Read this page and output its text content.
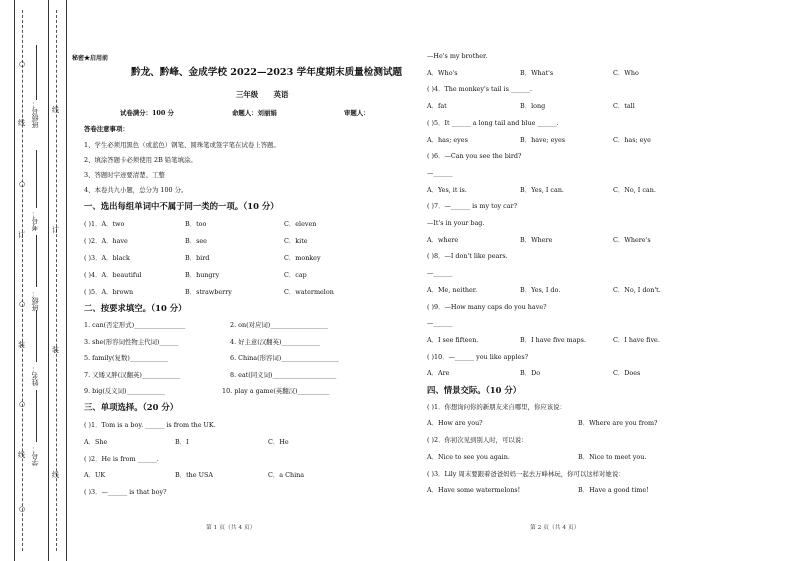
班级号：
考号：
班级：
姓名：
学号：
线
订
装
线
线
订
装
线
○
○
○
○
○
秘密★启用前
黔龙、黔峰、金成学校 2022—2023 学年度期末质量检测试题
三年级      英语
试卷满分：100 分	命题人：刘丽娟	审题人：
答卷注意事项：
1、学生必须用黑色（或蓝色）钢笔、圆珠笔或签字笔在试卷上答题。
2、填涂答题卡必须使用 2B 铅笔填涂。
3、答题时字迹要清楚、工整
4、本卷共九小题，总分为 100 分。
一、选出每组单词中不属于同一类的一项。（10 分）
( )1．A．two	B．too	C．eleven
( )2．A．have	B．see	C．kite
( )3．A．black	B．bird	C．monkey
( )4．A．beautiful	B．hungry	C．cap
( )5．A．brown	B．strawberry	C．watermelon
二、按要求填空。（10 分）
1. can(否定形式)________________	2. on(对应词)__________________
3. she(形容词性物主代词)______	4. 好主意(汉翻英)____________
5. family(复数)____________	6. China(形容词)__________________
7. 又矮又胖(汉翻英)____________	8. eat(同义词)____________________
9. big(反义词)____________	10. play a game(英翻汉)__________
三、单项选择。（20 分）
( )1．Tom is a boy. ______ is from the UK.
A．She	B．I	C．He
( )2．He is from ______.
A．UK	B．the USA	C．a China
( )3．—______ is that boy?
第 1 页（共 4 页）
—He's my brother.
A．Who's	B．What's	C．Who
( )4．The monkey's tail is ______.
A．fat	B．long	C．tall
( )5．It ______ a long tail and blue ______.
A．has; eyes	B．have; eyes	C．has; eye
( )6．—Can you see the bird?
—______
A．Yes, it is.	B．Yes, I can.	C．No, I can.
( )7．—______ is my toy car?
—It's in your bag.
A．where	B．Where	C．Where's
( )8．—I don't like pears.
—______
A．Me, neither.	B．Yes, I do.	C．No, I don't.
( )9．—How many caps do you have?
—______
A．I see fifteen.	B．I have five maps.	C．I have five.
( )10．—______ you like apples?
A．Are	B．Do	C．Does
四、情景交际。（10 分）
( )1．你想询问你的新朋友来自哪里，你应该说：
A．How are you?	B．Where are you from?
( )2．你初次见到别人时，可以说：
A．Nice to see you again.	B．Nice to meet you.
( )3．Lily 周末要跟着爸爸妈妈一起去万峰林玩，你可以这样对她说：
A．Have some watermelons!	B．Have a good time!
第 2 页（共 4 页）
